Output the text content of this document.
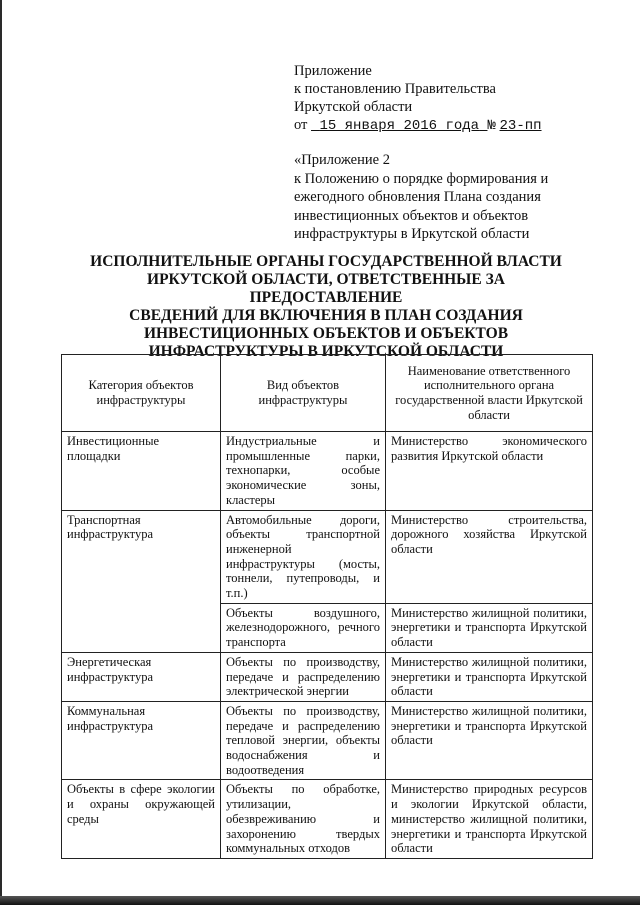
Приложение
к постановлению Правительства
Иркутской области
от 15 января 2016 года № 23-пп
«Приложение 2
к Положению о порядке формирования и
ежегодного обновления Плана создания
инвестиционных объектов и объектов
инфраструктуры в Иркутской области
ИСПОЛНИТЕЛЬНЫЕ ОРГАНЫ ГОСУДАРСТВЕННОЙ ВЛАСТИ
ИРКУТСКОЙ ОБЛАСТИ, ОТВЕТСТВЕННЫЕ ЗА ПРЕДОСТАВЛЕНИЕ
СВЕДЕНИЙ ДЛЯ ВКЛЮЧЕНИЯ В ПЛАН СОЗДАНИЯ
ИНВЕСТИЦИОННЫХ ОБЪЕКТОВ И ОБЪЕКТОВ
ИНФРАСТРУКТУРЫ В ИРКУТСКОЙ ОБЛАСТИ
Категория объектов инфраструктуры	Вид объектов инфраструктуры	Наименование ответственного исполнительного органа государственной власти Иркутской области
Инвестиционные площадки	Индустриальные и промышленные парки, технопарки, особые экономические зоны, кластеры	Министерство экономического развития Иркутской области
Транспортная инфраструктура	Автомобильные дороги, объекты транспортной инженерной инфраструктуры (мосты, тоннели, путепроводы, и т.п.)	Министерство строительства, дорожного хозяйства Иркутской области
	Объекты воздушного, железнодорожного, речного транспорта	Министерство жилищной политики, энергетики и транспорта Иркутской области
Энергетическая инфраструктура	Объекты по производству, передаче и распределению электрической энергии	Министерство жилищной политики, энергетики и транспорта Иркутской области
Коммунальная инфраструктура	Объекты по производству, передаче и распределению тепловой энергии, объекты водоснабжения и водоотведения	Министерство жилищной политики, энергетики и транспорта Иркутской области
Объекты в сфере экологии и охраны окружающей среды	Объекты по обработке, утилизации, обезвреживанию и захоронению твердых коммунальных отходов	Министерство природных ресурсов и экологии Иркутской области, министерство жилищной политики, энергетики и транспорта Иркутской области
